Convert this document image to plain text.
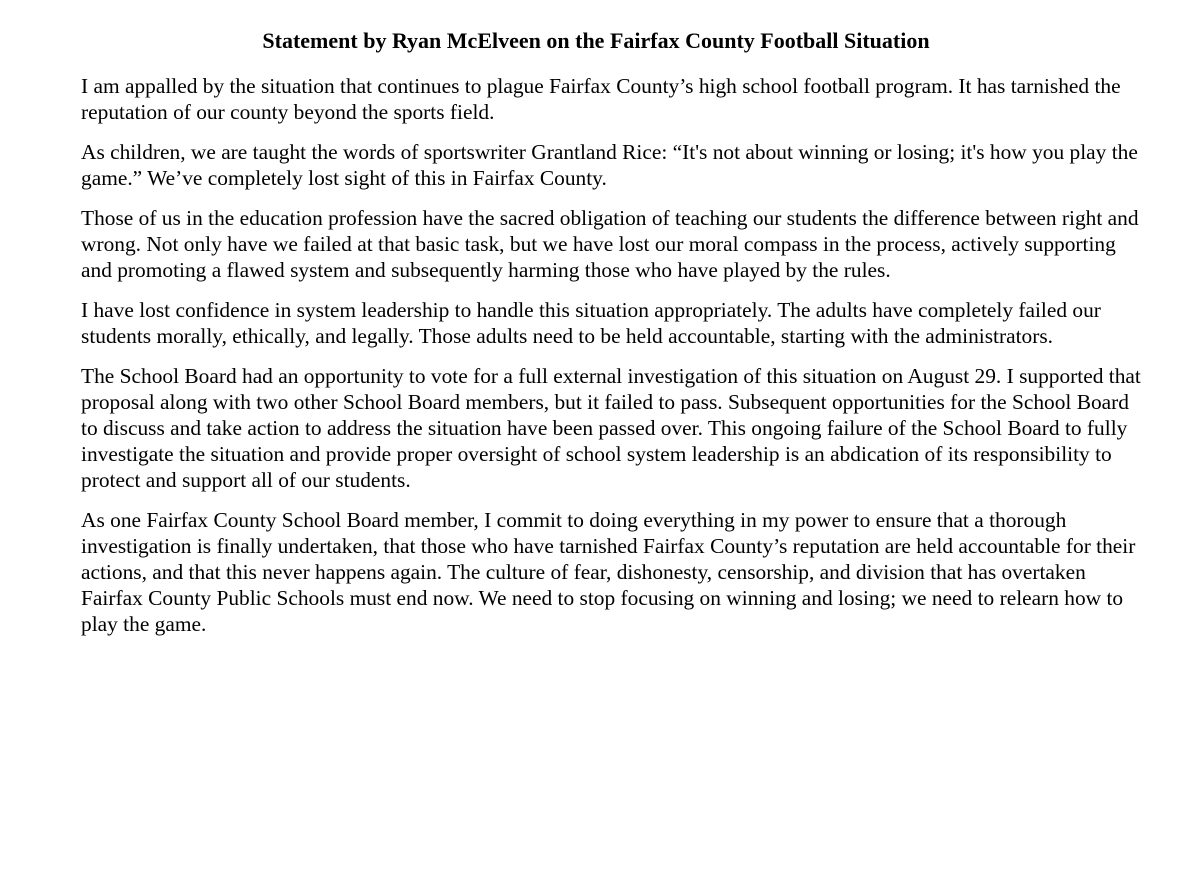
Statement by Ryan McElveen on the Fairfax County Football Situation

I am appalled by the situation that continues to plague Fairfax County’s high school football program. It has tarnished the reputation of our county beyond the sports field.

As children, we are taught the words of sportswriter Grantland Rice: “It's not about winning or losing; it's how you play the game.” We’ve completely lost sight of this in Fairfax County.

Those of us in the education profession have the sacred obligation of teaching our students the difference between right and wrong. Not only have we failed at that basic task, but we have lost our moral compass in the process, actively supporting and promoting a flawed system and subsequently harming those who have played by the rules.

I have lost confidence in system leadership to handle this situation appropriately. The adults have completely failed our students morally, ethically, and legally. Those adults need to be held accountable, starting with the administrators.

The School Board had an opportunity to vote for a full external investigation of this situation on August 29. I supported that proposal along with two other School Board members, but it failed to pass. Subsequent opportunities for the School Board to discuss and take action to address the situation have been passed over. This ongoing failure of the School Board to fully investigate the situation and provide proper oversight of school system leadership is an abdication of its responsibility to protect and support all of our students.

As one Fairfax County School Board member, I commit to doing everything in my power to ensure that a thorough investigation is finally undertaken, that those who have tarnished Fairfax County’s reputation are held accountable for their actions, and that this never happens again. The culture of fear, dishonesty, censorship, and division that has overtaken Fairfax County Public Schools must end now. We need to stop focusing on winning and losing; we need to relearn how to play the game.
